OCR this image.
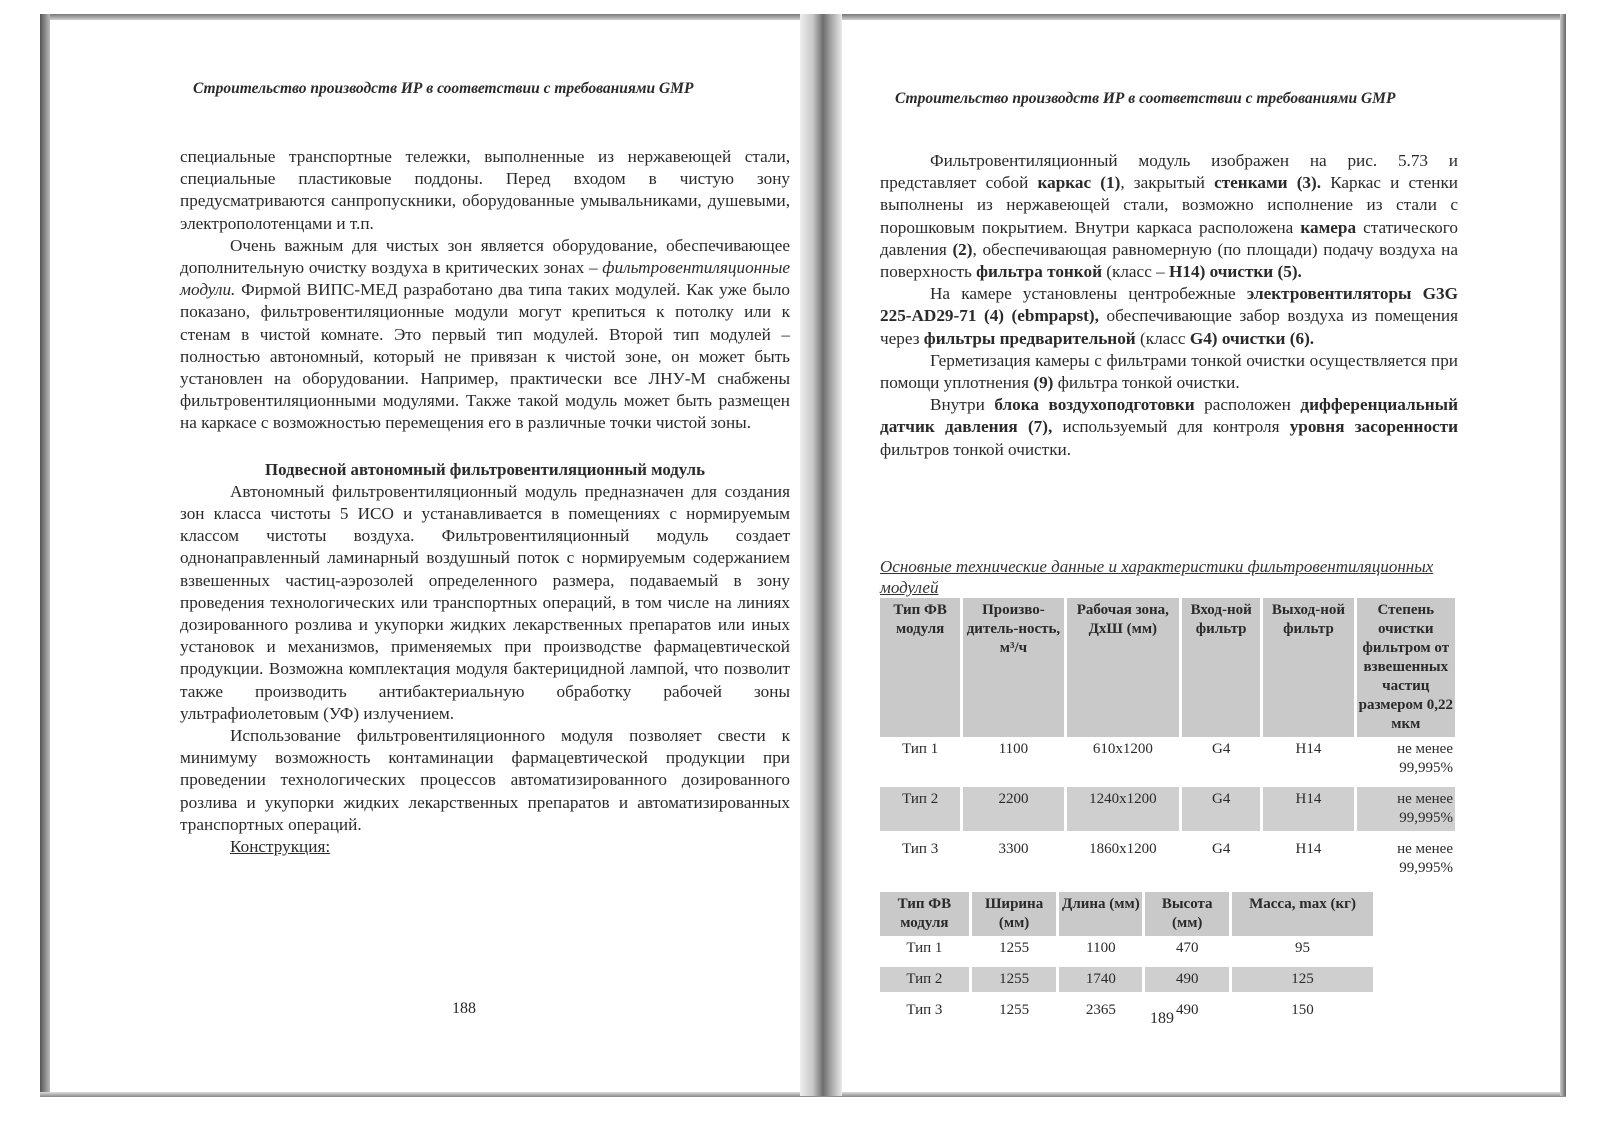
Строительство производств ИР в соответствии с требованиями GMP

специальные транспортные тележки, выполненные из нержавеющей стали, специальные пластиковые поддоны. Перед входом в чистую зону предусматриваются санпропускники, оборудованные умывальниками, душевыми, электрополотенцами и т.п.

Очень важным для чистых зон является оборудование, обеспечивающее дополнительную очистку воздуха в критических зонах – фильтровентиляционные модули. Фирмой ВИПС-МЕД разработано два типа таких модулей. Как уже было показано, фильтровентиляционные модули могут крепиться к потолку или к стенам в чистой комнате. Это первый тип модулей. Второй тип модулей – полностью автономный, который не привязан к чистой зоне, он может быть установлен на оборудовании. Например, практически все ЛНУ-М снабжены фильтровентиляционными модулями. Также такой модуль может быть размещен на каркасе с возможностью перемещения его в различные точки чистой зоны.

Подвесной автономный фильтровентиляционный модуль

Автономный фильтровентиляционный модуль предназначен для создания зон класса чистоты 5 ИСО и устанавливается в помещениях с нормируемым классом чистоты воздуха. Фильтровентиляционный модуль создает однонаправленный ламинарный воздушный поток с нормируемым содержанием взвешенных частиц-аэрозолей определенного размера, подаваемый в зону проведения технологических или транспортных операций, в том числе на линиях дозированного розлива и укупорки жидких лекарственных препаратов или иных установок и механизмов, применяемых при производстве фармацевтической продукции. Возможна комплектация модуля бактерицидной лампой, что позволит также производить антибактериальную обработку рабочей зоны ультрафиолетовым (УФ) излучением.

Использование фильтровентиляционного модуля позволяет свести к минимуму возможность контаминации фармацевтической продукции при проведении технологических процессов автоматизированного дозированного розлива и укупорки жидких лекарственных препаратов и автоматизированных транспортных операций.

Конструкция:

188
Строительство производств ИР в соответствии с требованиями GMP

Фильтровентиляционный модуль изображен на рис. 5.73 и представляет собой каркас (1), закрытый стенками (3). Каркас и стенки выполнены из нержавеющей стали, возможно исполнение из стали с порошковым покрытием. Внутри каркаса расположена камера статического давления (2), обеспечивающая равномерную (по площади) подачу воздуха на поверхность фильтра тонкой (класс – Н14) очистки (5).

На камере установлены центробежные электровентиляторы G3G 225-AD29-71 (4) (ebmpapst), обеспечивающие забор воздуха из помещения через фильтры предварительной (класс G4) очистки (6).

Герметизация камеры с фильтрами тонкой очистки осуществляется при помощи уплотнения (9) фильтра тонкой очистки.

Внутри блока воздухоподготовки расположен дифференциальный датчик давления (7), используемый для контроля уровня засоренности фильтров тонкой очистки.

Основные технические данные и характеристики фильтровентиляционных модулей
Тип ФВ модуля	Произво-дитель-ность, м³/ч	Рабочая зона, ДхШ (мм)	Вход-ной фильтр	Выход-ной фильтр	Степень очистки фильтром от взвешенных частиц размером 0,22 мкм
Тип 1	1100	610x1200	G4	H14	не менее 99,995%
Тип 2	2200	1240x1200	G4	H14	не менее 99,995%
Тип 3	3300	1860x1200	G4	H14	не менее 99,995%
Тип ФВ модуля	Ширина (мм)	Длина (мм)	Высота (мм)	Масса, max (кг)
Тип 1	1255	1100	470	95
Тип 2	1255	1740	490	125
Тип 3	1255	2365	490	150
189
